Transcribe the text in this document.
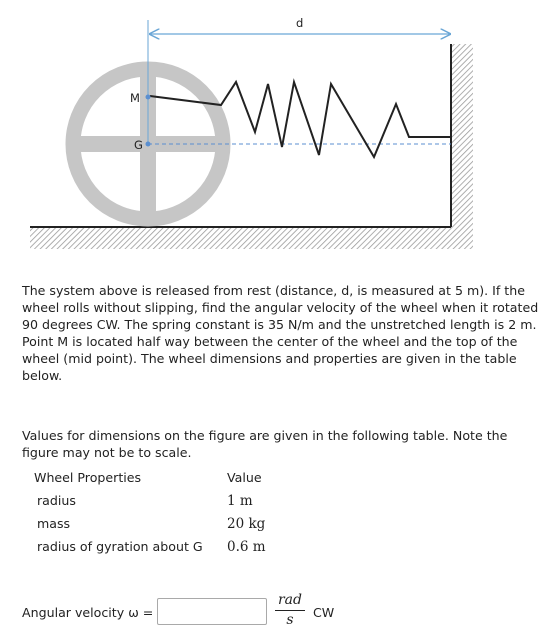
d
M
G

The system above is released from rest (distance, d, is measured at 5 m). If the wheel rolls without slipping, find the angular velocity of the wheel when it rotated 90 degrees CW. The spring constant is 35 N/m and the unstretched length is 2 m. Point M is located half way between the center of the wheel and the top of the wheel (mid point). The wheel dimensions and properties are given in the table below.

Values for dimensions on the figure are given in the following table. Note the figure may not be to scale.

Wheel Properties	Value
radius	1 m
mass	20 kg
radius of gyration about G	0.6 m
Angular velocity ω =
rad
s	CW
